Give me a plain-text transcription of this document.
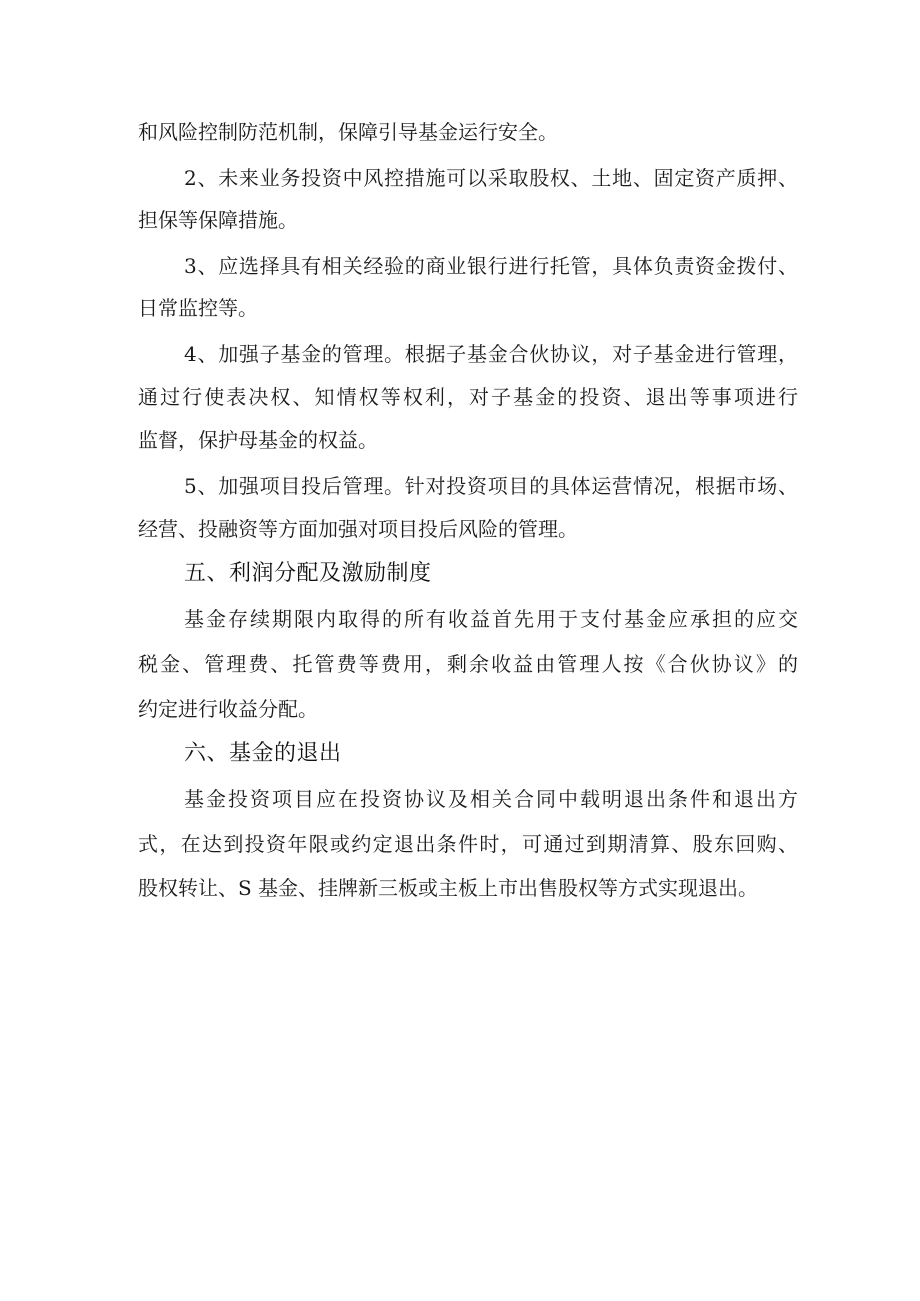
和风险控制防范机制，保障引导基金运行安全。
2、未来业务投资中风控措施可以采取股权、土地、固定资产质押、
担保等保障措施。
3、应选择具有相关经验的商业银行进行托管，具体负责资金拨付、
日常监控等。
4、加强子基金的管理。根据子基金合伙协议，对子基金进行管理，
通过行使表决权、知情权等权利，对子基金的投资、退出等事项进行
监督，保护母基金的权益。
5、加强项目投后管理。针对投资项目的具体运营情况，根据市场、
经营、投融资等方面加强对项目投后风险的管理。
五、利润分配及激励制度
基金存续期限内取得的所有收益首先用于支付基金应承担的应交
税金、管理费、托管费等费用，剩余收益由管理人按《合伙协议》的
约定进行收益分配。
六、基金的退出
基金投资项目应在投资协议及相关合同中载明退出条件和退出方
式，在达到投资年限或约定退出条件时，可通过到期清算、股东回购、
股权转让、S 基金、挂牌新三板或主板上市出售股权等方式实现退出。
